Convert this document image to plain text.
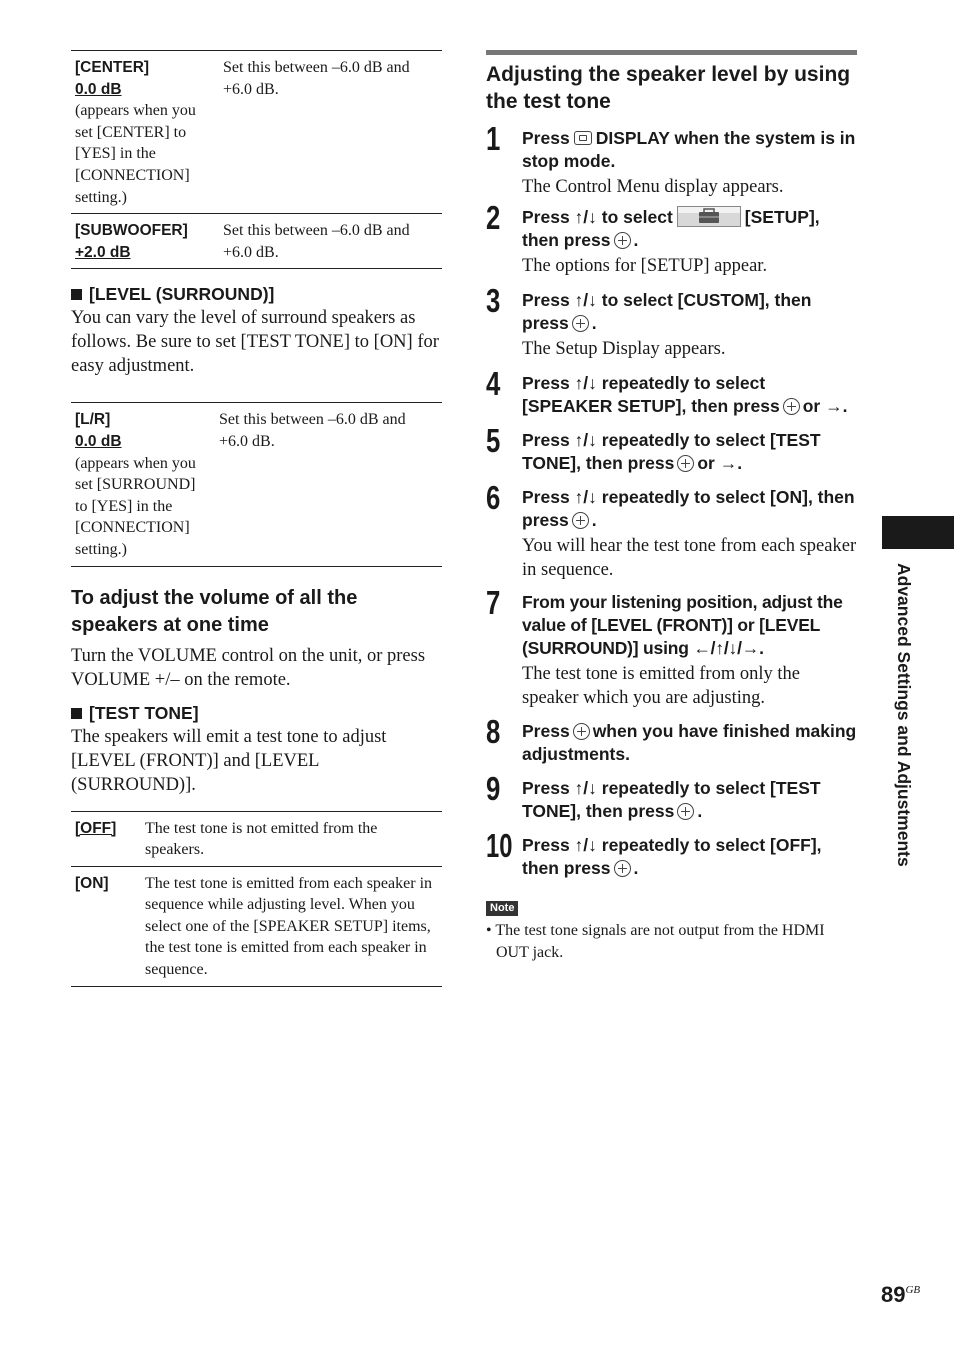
[CENTER]
0.0 dB
(appears when you set [CENTER] to [YES] in the [CONNECTION] setting.)	Set this between –6.0 dB and +6.0 dB.

[SUBWOOFER]
+2.0 dB	Set this between –6.0 dB and +6.0 dB.

[LEVEL (SURROUND)]

You can vary the level of surround speakers as follows. Be sure to set [TEST TONE] to [ON] for easy adjustment.

[L/R]
0.0 dB
(appears when you set [SURROUND] to [YES] in the [CONNECTION] setting.)
	Set this between –6.0 dB and +6.0 dB.
To adjust the volume of all the speakers at one time

Turn the VOLUME control on the unit, or press VOLUME +/– on the remote.

[TEST TONE]

The speakers will emit a test tone to adjust [LEVEL (FRONT)] and [LEVEL (SURROUND)].

[OFF]	The test tone is not emitted from the speakers.
[ON]	The test tone is emitted from each speaker in sequence while adjusting level. When you select one of the [SPEAKER SETUP] items, the test tone is emitted from each speaker in sequence.
Adjusting the speaker level by using the test tone
1 Press DISPLAY when the system is in stop mode.

The Control Menu display appears.

2 Press ↑/↓ to select	[SETUP], then press .

The options for [SETUP] appear.

3 Press ↑/↓ to select [CUSTOM], then press .

The Setup Display appears.

4 Press ↑/↓ repeatedly to select [SPEAKER SETUP], then press or →.

5 Press ↑/↓ repeatedly to select [TEST TONE], then press or →.

6 Press ↑/↓ repeatedly to select [ON], then press .

You will hear the test tone from each speaker in sequence.

7 From your listening position, adjust the value of [LEVEL (FRONT)] or [LEVEL (SURROUND)] using ←/↑/↓/→.

The test tone is emitted from only the speaker which you are adjusting.

8 Press when you have finished making adjustments.

9 Press ↑/↓ repeatedly to select [TEST TONE], then press .

10 Press ↑/↓ repeatedly to select [OFF], then press .

Note

• The test tone signals are not output from the HDMI OUT jack.

Advanced Settings and Adjustments
$89^{GB}$
